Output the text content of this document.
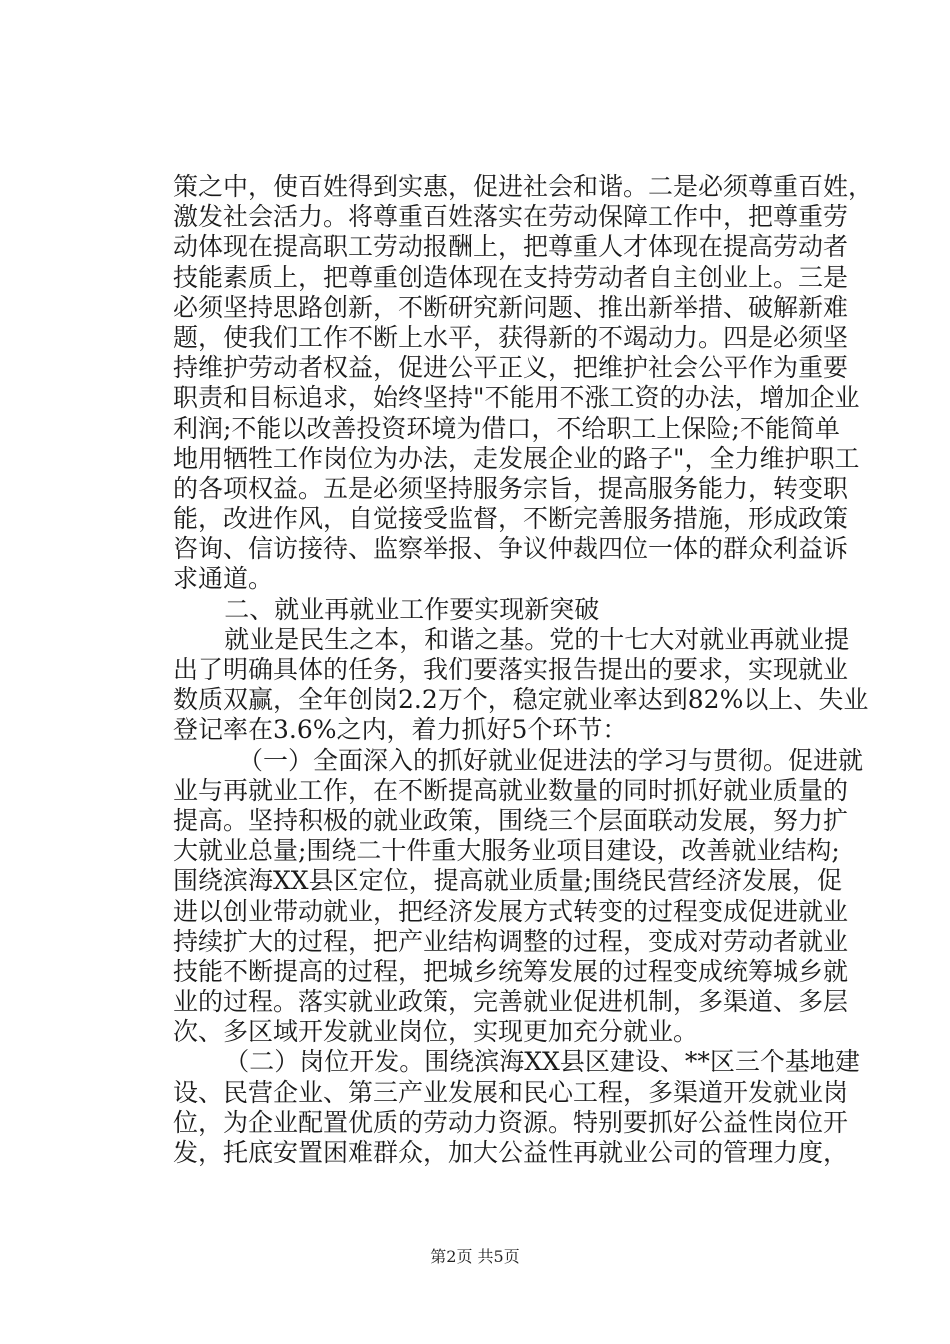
策之中，使百姓得到实惠，促进社会和谐。二是必须尊重百姓，
激发社会活力。将尊重百姓落实在劳动保障工作中，把尊重劳
动体现在提高职工劳动报酬上，把尊重人才体现在提高劳动者
技能素质上，把尊重创造体现在支持劳动者自主创业上。三是
必须坚持思路创新，不断研究新问题、推出新举措、破解新难
题，使我们工作不断上水平，获得新的不竭动力。四是必须坚
持维护劳动者权益，促进公平正义，把维护社会公平作为重要
职责和目标追求，始终坚持"不能用不涨工资的办法，增加企业
利润;不能以改善投资环境为借口，不给职工上保险;不能简单
地用牺牲工作岗位为办法，走发展企业的路子"，全力维护职工
的各项权益。五是必须坚持服务宗旨，提高服务能力，转变职
能，改进作风，自觉接受监督，不断完善服务措施，形成政策
咨询、信访接待、监察举报、争议仲裁四位一体的群众利益诉
求通道。
二、就业再就业工作要实现新突破
就业是民生之本，和谐之基。党的十七大对就业再就业提
出了明确具体的任务，我们要落实报告提出的要求，实现就业
数质双赢，全年创岗2.2万个，稳定就业率达到82%以上、失业
登记率在3.6%之内，着力抓好5个环节：
（一）全面深入的抓好就业促进法的学习与贯彻。促进就
业与再就业工作，在不断提高就业数量的同时抓好就业质量的
提高。坚持积极的就业政策，围绕三个层面联动发展，努力扩
大就业总量;围绕二十件重大服务业项目建设，改善就业结构;
围绕滨海XX县区定位，提高就业质量;围绕民营经济发展，促
进以创业带动就业，把经济发展方式转变的过程变成促进就业
持续扩大的过程，把产业结构调整的过程，变成对劳动者就业
技能不断提高的过程，把城乡统筹发展的过程变成统筹城乡就
业的过程。落实就业政策，完善就业促进机制，多渠道、多层
次、多区域开发就业岗位，实现更加充分就业。
（二）岗位开发。围绕滨海XX县区建设、**区三个基地建
设、民营企业、第三产业发展和民心工程，多渠道开发就业岗
位，为企业配置优质的劳动力资源。特别要抓好公益性岗位开
发，托底安置困难群众，加大公益性再就业公司的管理力度，
第2页 共5页
